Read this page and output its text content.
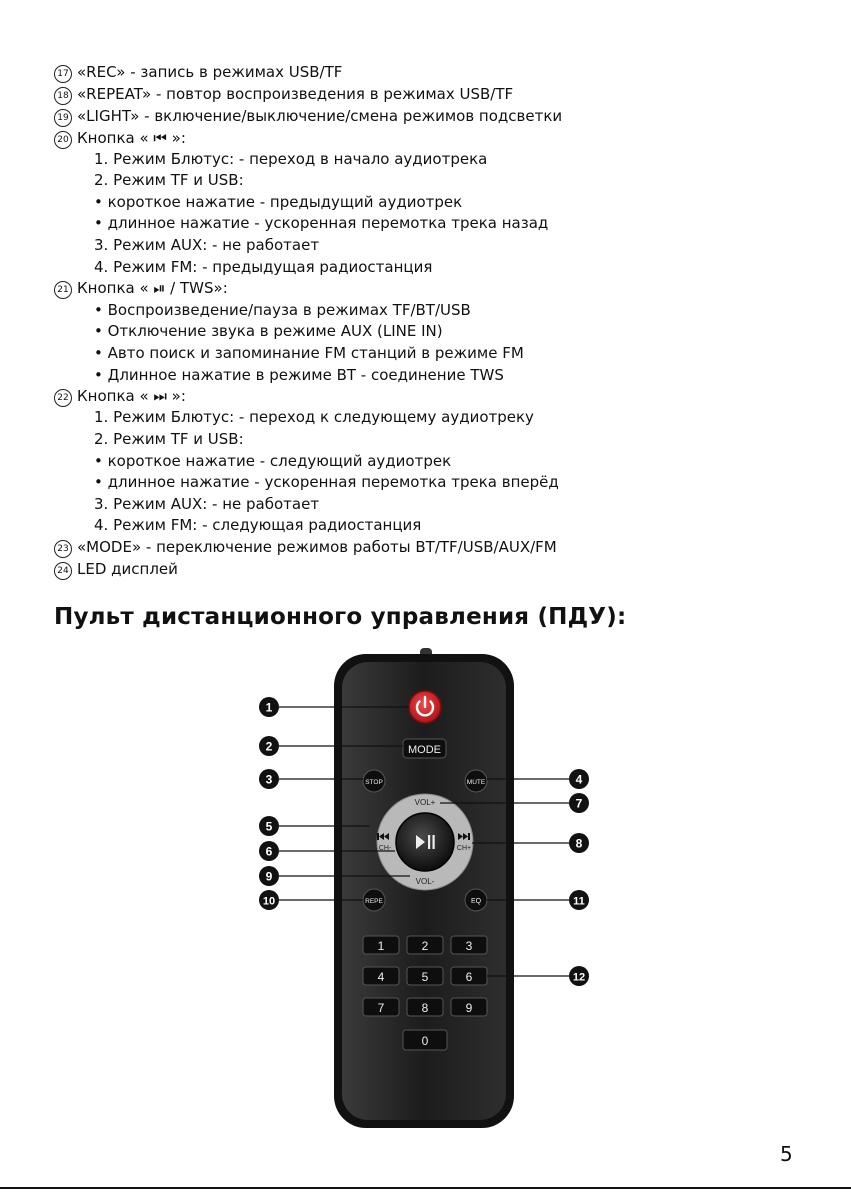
17 «REC» - запись в режимах USB/TF
18 «REPEAT» - повтор воспроизведения в режимах USB/TF
19 «LIGHT» - включение/выключение/смена режимов подсветки
20 Кнопка « ⏮ »:
1. Режим Блютус: - переход в начало аудиотрека
2. Режим TF и USB:
• короткое нажатие - предыдущий аудиотрек
• длинное нажатие - ускоренная перемотка трека назад
3. Режим AUX: - не работает
4. Режим FM: - предыдущая радиостанция
21 Кнопка « ⏯ / TWS»:
• Воспроизведение/пауза в режимах TF/BT/USB
• Отключение звука в режиме AUX (LINE IN)
• Авто поиск и запоминание FM станций в режиме FM
• Длинное нажатие в режиме BT - соединение TWS
22 Кнопка « ⏭ »:
1. Режим Блютус: - переход к следующему аудиотреку
2. Режим TF и USB:
• короткое нажатие - следующий аудиотрек
• длинное нажатие - ускоренная перемотка трека вперёд
3. Режим AUX: - не работает
4. Режим FM: - следующая радиостанция
23 «MODE» - переключение режимов работы BT/TF/USB/AUX/FM
24 LED дисплей
Пульт дистанционного управления (ПДУ):
MODE
STOP	MUTE
VOL+
VOL-
CH-	CH+
REPE	EQ
1	2	3
4	5	6
7	8	9
0
1
2
3	4
5
6
7
8
9
10	11
12
5
